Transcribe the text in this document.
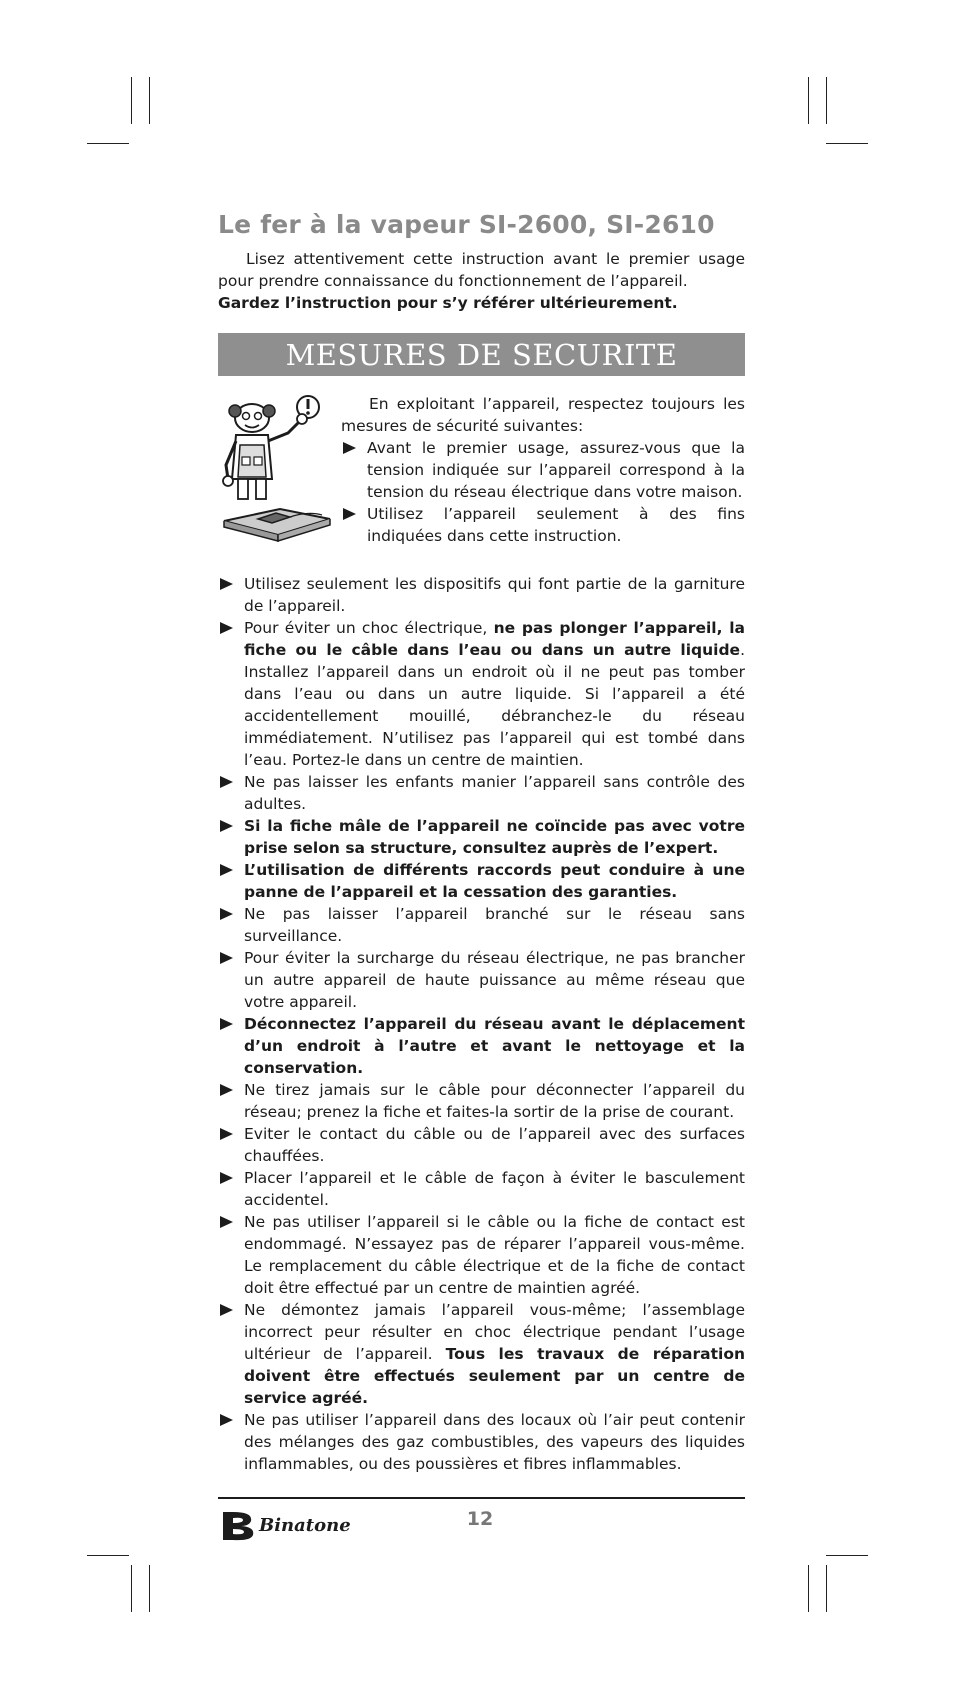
Le fer à la vapeur SI-2600, SI-2610

Lisez attentivement cette instruction avant le premier usage pour prendre connaissance du fonctionnement de l’appareil.

Gardez l’instruction pour s’y référer ultérieurement.

MESURES DE SECURITE

En exploitant l’appareil, respectez toujours les mesures de sécurité suivantes:

Avant le premier usage, assurez-vous que la tension indiquée sur l’appareil correspond à la tension du réseau électrique dans votre maison.
Utilisez l’appareil seulement à des fins indiquées dans cette instruction.
Utilisez seulement les dispositifs qui font partie de la garniture de l’appareil.
Pour éviter un choc électrique, ne pas plonger l’appareil, la fiche ou le câble dans l’eau ou dans un autre liquide. Installez l’appareil dans un endroit où il ne peut pas tomber dans l’eau ou dans un autre liquide. Si l’appareil a été accidentellement mouillé, débranchez-le du réseau immédiatement. N’utilisez pas l’appareil qui est tombé dans l’eau. Portez-le dans un centre de maintien.
Ne pas laisser les enfants manier l’appareil sans contrôle des adultes.
Si la fiche mâle de l’appareil ne coïncide pas avec votre prise selon sa structure, consultez auprès de l’expert.
L’utilisation de différents raccords peut conduire à une panne de l’appareil et la cessation des garanties.
Ne pas laisser l’appareil branché sur le réseau sans surveillance.
Pour éviter la surcharge du réseau électrique, ne pas brancher un autre appareil de haute puissance au même réseau que votre appareil.
Déconnectez l’appareil du réseau avant le déplacement d’un endroit à l’autre et avant le nettoyage et la conservation.
Ne tirez jamais sur le câble pour déconnecter l’appareil du réseau; prenez la fiche et faites-la sortir de la prise de courant.
Eviter le contact du câble ou de l’appareil avec des surfaces chauffées.
Placer l’appareil et le câble de façon à éviter le basculement accidentel.
Ne pas utiliser l’appareil si le câble ou la fiche de contact est endommagé. N’essayez pas de réparer l’appareil vous-même. Le remplacement du câble électrique et de la fiche de contact doit être effectué par un centre de maintien agréé.
Ne démontez jamais l’appareil vous-même; l’assemblage incorrect peur résulter en choc électrique pendant l’usage ultérieur de l’appareil. Tous les travaux de réparation doivent être effectués seulement par un centre de service agréé.
Ne pas utiliser l’appareil dans des locaux où l’air peut contenir des mélanges des gaz combustibles, des vapeurs des liquides inflammables, ou des poussières et fibres inflammables.
Binatone	12
